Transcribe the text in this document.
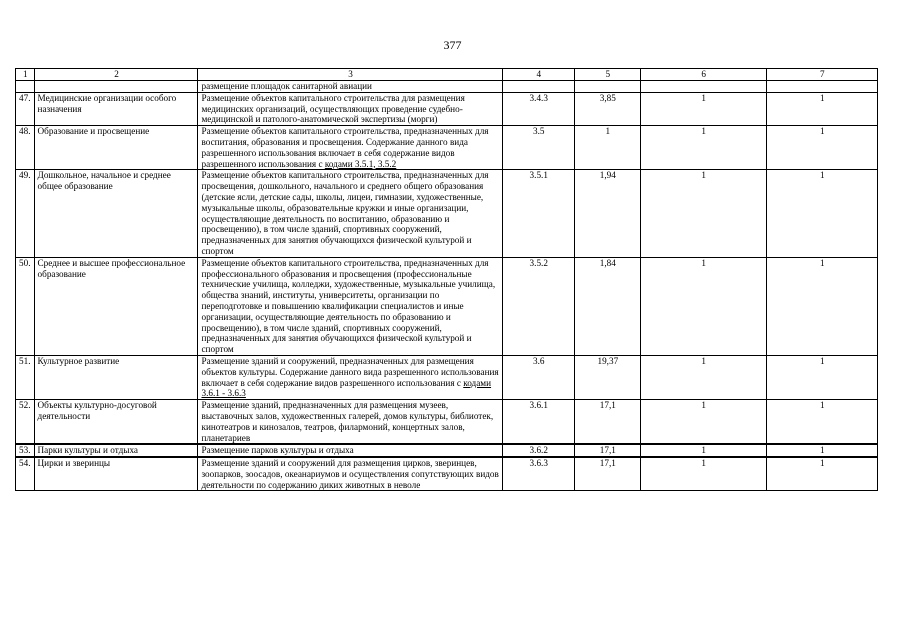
377
1	2	3	4	5	6	7
		размещение площадок санитарной авиации				
47.	Медицинские организации особого назначения	Размещение объектов капитального строительства для размещения медицинских организаций, осуществляющих проведение судебно-медицинской и патолого-анатомической экспертизы (морги)	3.4.3	3,85	1	1
48.	Образование и просвещение	Размещение объектов капитального строительства, предназначенных для воспитания, образования и просвещения. Содержание данного вида разрешенного использования включает в себя содержание видов разрешенного использования с кодами 3.5.1, 3.5.2	3.5	1	1	1
49.	Дошкольное, начальное и среднее общее образование	Размещение объектов капитального строительства, предназначенных для просвещения, дошкольного, начального и среднего общего образования (детские ясли, детские сады, школы, лицеи, гимназии, художественные, музыкальные школы, образовательные кружки и иные организации, осуществляющие деятельность по воспитанию, образованию и просвещению), в том числе зданий, спортивных сооружений, предназначенных для занятия обучающихся физической культурой и спортом	3.5.1	1,94	1	1
50.	Среднее и высшее профессиональное образование	Размещение объектов капитального строительства, предназначенных для профессионального образования и просвещения (профессиональные технические училища, колледжи, художественные, музыкальные училища, общества знаний, институты, университеты, организации по переподготовке и повышению квалификации специалистов и иные организации, осуществляющие деятельность по образованию и просвещению), в том числе зданий, спортивных сооружений, предназначенных для занятия обучающихся физической культурой и спортом	3.5.2	1,84	1	1
51.	Культурное развитие	Размещение зданий и сооружений, предназначенных для размещения объектов культуры. Содержание данного вида разрешенного использования включает в себя содержание видов разрешенного использования с кодами 3.6.1 - 3.6.3	3.6	19,37	1	1
52.	Объекты культурно-досуговой деятельности	Размещение зданий, предназначенных для размещения музеев, выставочных залов, художественных галерей, домов культуры, библиотек, кинотеатров и кинозалов, театров, филармоний, концертных залов, планетариев	3.6.1	17,1	1	1
53.	Парки культуры и отдыха	Размещение парков культуры и отдыха	3.6.2	17,1	1	1
54.	Цирки и зверинцы	Размещение зданий и сооружений для размещения цирков, зверинцев, зоопарков, зоосадов, океанариумов и осуществления сопутствующих видов деятельности по содержанию диких животных в неволе	3.6.3	17,1	1	1
